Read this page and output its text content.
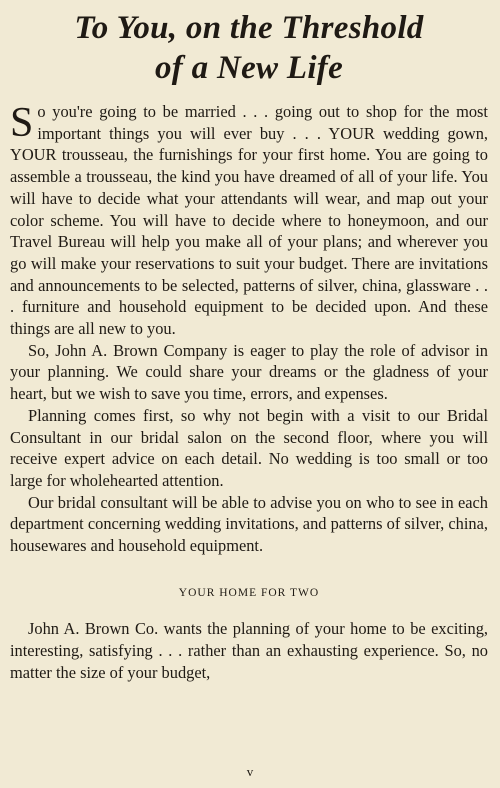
To You, on the Threshold
of a New Life

So you're going to be married . . . going out to shop for the most important things you will ever buy . . . YOUR wedding gown, YOUR trousseau, the furnishings for your first home. You are going to assemble a trousseau, the kind you have dreamed of all of your life. You will have to decide what your attendants will wear, and map out your color scheme. You will have to decide where to honeymoon, and our Travel Bureau will help you make all of your plans; and wherever you go will make your reservations to suit your budget. There are invitations and announcements to be selected, patterns of silver, china, glassware . . . furniture and household equipment to be decided upon. And these things are all new to you.

So, John A. Brown Company is eager to play the role of advisor in your planning. We could share your dreams or the gladness of your heart, but we wish to save you time, errors, and expenses.

Planning comes first, so why not begin with a visit to our Bridal Consultant in our bridal salon on the second floor, where you will receive expert advice on each detail. No wedding is too small or too large for wholehearted attention.

Our bridal consultant will be able to advise you on who to see in each department concerning wedding invitations, and patterns of silver, china, housewares and household equipment.

YOUR HOME FOR TWO

John A. Brown Co. wants the planning of your home to be exciting, interesting, satisfying . . . rather than an exhausting experience. So, no matter the size of your budget,

v
